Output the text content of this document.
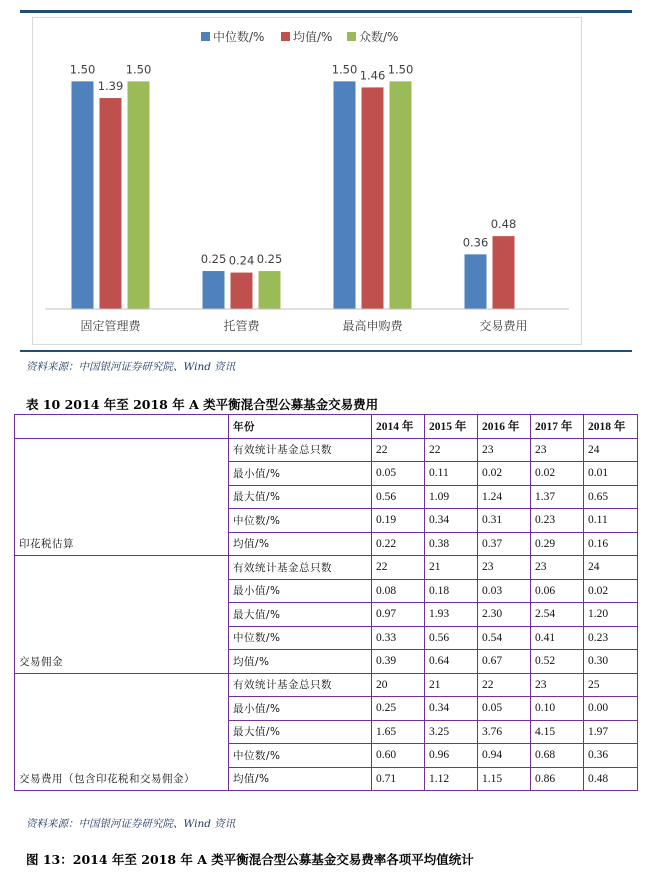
中位数/% 均值/% 众数/%
1.50
1.39
1.50
0.25 0.24 0.25
1.50 1.46 1.50
0.36
0.48
固定管理费	托管费	最高申购费	交易费用
资料来源：中国银河证券研究院、Wind 资讯
表 10 2014 年至 2018 年 A 类平衡混合型公募基金交易费用
	年份	2014 年	2015 年	2016 年	2017 年	2018 年
印花税估算	有效统计基金总只数	22	22	23	23	24
	最小值/%	0.05	0.11	0.02	0.02	0.01
	最大值/%	0.56	1.09	1.24	1.37	0.65
	中位数/%	0.19	0.34	0.31	0.23	0.11
	均值/%	0.22	0.38	0.37	0.29	0.16
交易佣金	有效统计基金总只数	22	21	23	23	24
	最小值/%	0.08	0.18	0.03	0.06	0.02
	最大值/%	0.97	1.93	2.30	2.54	1.20
	中位数/%	0.33	0.56	0.54	0.41	0.23
	均值/%	0.39	0.64	0.67	0.52	0.30
交易费用（包含印花税和交易佣金）	有效统计基金总只数	20	21	22	23	25
	最小值/%	0.25	0.34	0.05	0.10	0.00
	最大值/%	1.65	3.25	3.76	4.15	1.97
	中位数/%	0.60	0.96	0.94	0.68	0.36
	均值/%	0.71	1.12	1.15	0.86	0.48
资料来源：中国银河证券研究院、Wind 资讯
图 13：2014 年至 2018 年 A 类平衡混合型公募基金交易费率各项平均值统计
